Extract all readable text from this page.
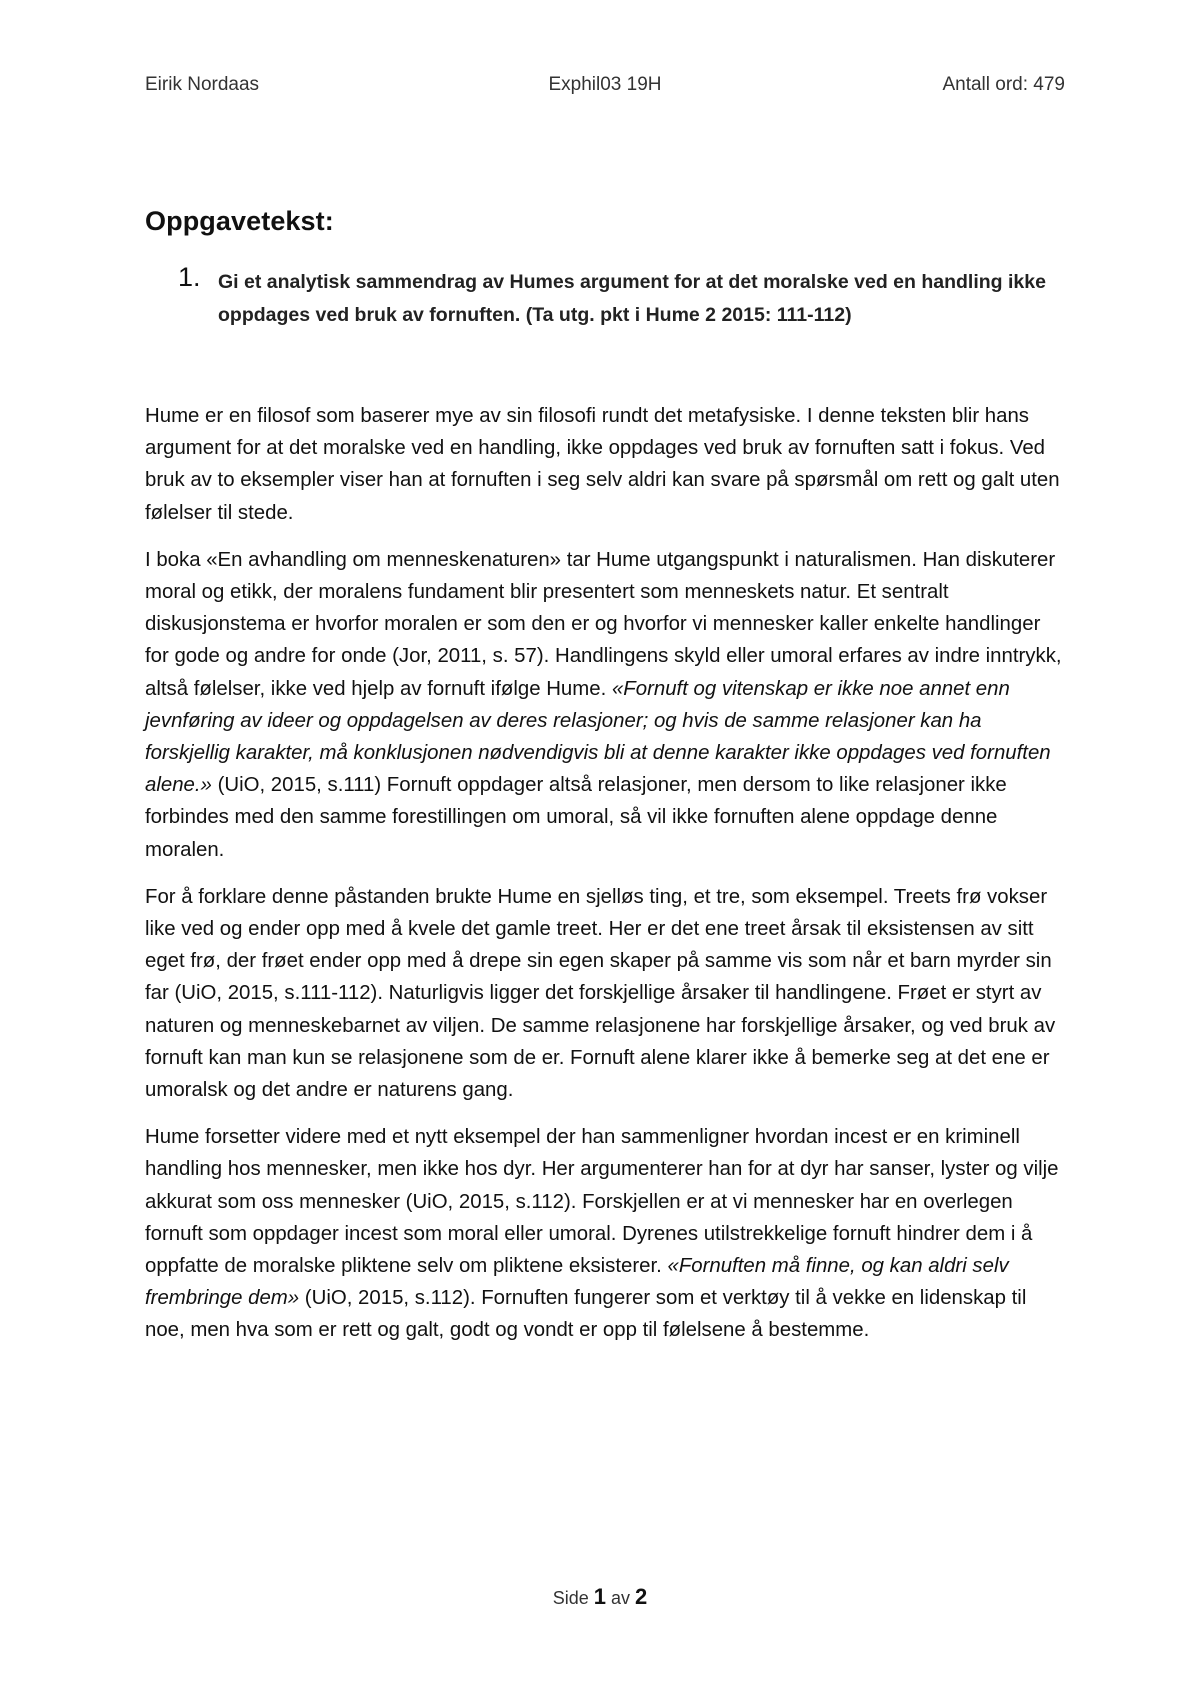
Eirik Nordaas	Exphil03 19H	Antall ord: 479
Oppgavetekst:
1. Gi et analytisk sammendrag av Humes argument for at det moralske ved en handling ikke oppdages ved bruk av fornuften. (Ta utg. pkt i Hume 2 2015: 111-112)

Hume er en filosof som baserer mye av sin filosofi rundt det metafysiske. I denne teksten blir hans argument for at det moralske ved en handling, ikke oppdages ved bruk av fornuften satt i fokus. Ved bruk av to eksempler viser han at fornuften i seg selv aldri kan svare på spørsmål om rett og galt uten følelser til stede.

I boka «En avhandling om menneskenaturen» tar Hume utgangspunkt i naturalismen. Han diskuterer moral og etikk, der moralens fundament blir presentert som menneskets natur. Et sentralt diskusjonstema er hvorfor moralen er som den er og hvorfor vi mennesker kaller enkelte handlinger for gode og andre for onde (Jor, 2011, s. 57). Handlingens skyld eller umoral erfares av indre inntrykk, altså følelser, ikke ved hjelp av fornuft ifølge Hume. «Fornuft og vitenskap er ikke noe annet enn jevnføring av ideer og oppdagelsen av deres relasjoner; og hvis de samme relasjoner kan ha forskjellig karakter, må konklusjonen nødvendigvis bli at denne karakter ikke oppdages ved fornuften alene.» (UiO, 2015, s.111) Fornuft oppdager altså relasjoner, men dersom to like relasjoner ikke forbindes med den samme forestillingen om umoral, så vil ikke fornuften alene oppdage denne moralen.

For å forklare denne påstanden brukte Hume en sjelløs ting, et tre, som eksempel. Treets frø vokser like ved og ender opp med å kvele det gamle treet. Her er det ene treet årsak til eksistensen av sitt eget frø, der frøet ender opp med å drepe sin egen skaper på samme vis som når et barn myrder sin far (UiO, 2015, s.111-112). Naturligvis ligger det forskjellige årsaker til handlingene. Frøet er styrt av naturen og menneskebarnet av viljen. De samme relasjonene har forskjellige årsaker, og ved bruk av fornuft kan man kun se relasjonene som de er. Fornuft alene klarer ikke å bemerke seg at det ene er umoralsk og det andre er naturens gang.

Hume forsetter videre med et nytt eksempel der han sammenligner hvordan incest er en kriminell handling hos mennesker, men ikke hos dyr. Her argumenterer han for at dyr har sanser, lyster og vilje akkurat som oss mennesker (UiO, 2015, s.112). Forskjellen er at vi mennesker har en overlegen fornuft som oppdager incest som moral eller umoral. Dyrenes utilstrekkelige fornuft hindrer dem i å oppfatte de moralske pliktene selv om pliktene eksisterer. «Fornuften må finne, og kan aldri selv frembringe dem» (UiO, 2015, s.112). Fornuften fungerer som et verktøy til å vekke en lidenskap til noe, men hva som er rett og galt, godt og vondt er opp til følelsene å bestemme.

Side 1 av 2
